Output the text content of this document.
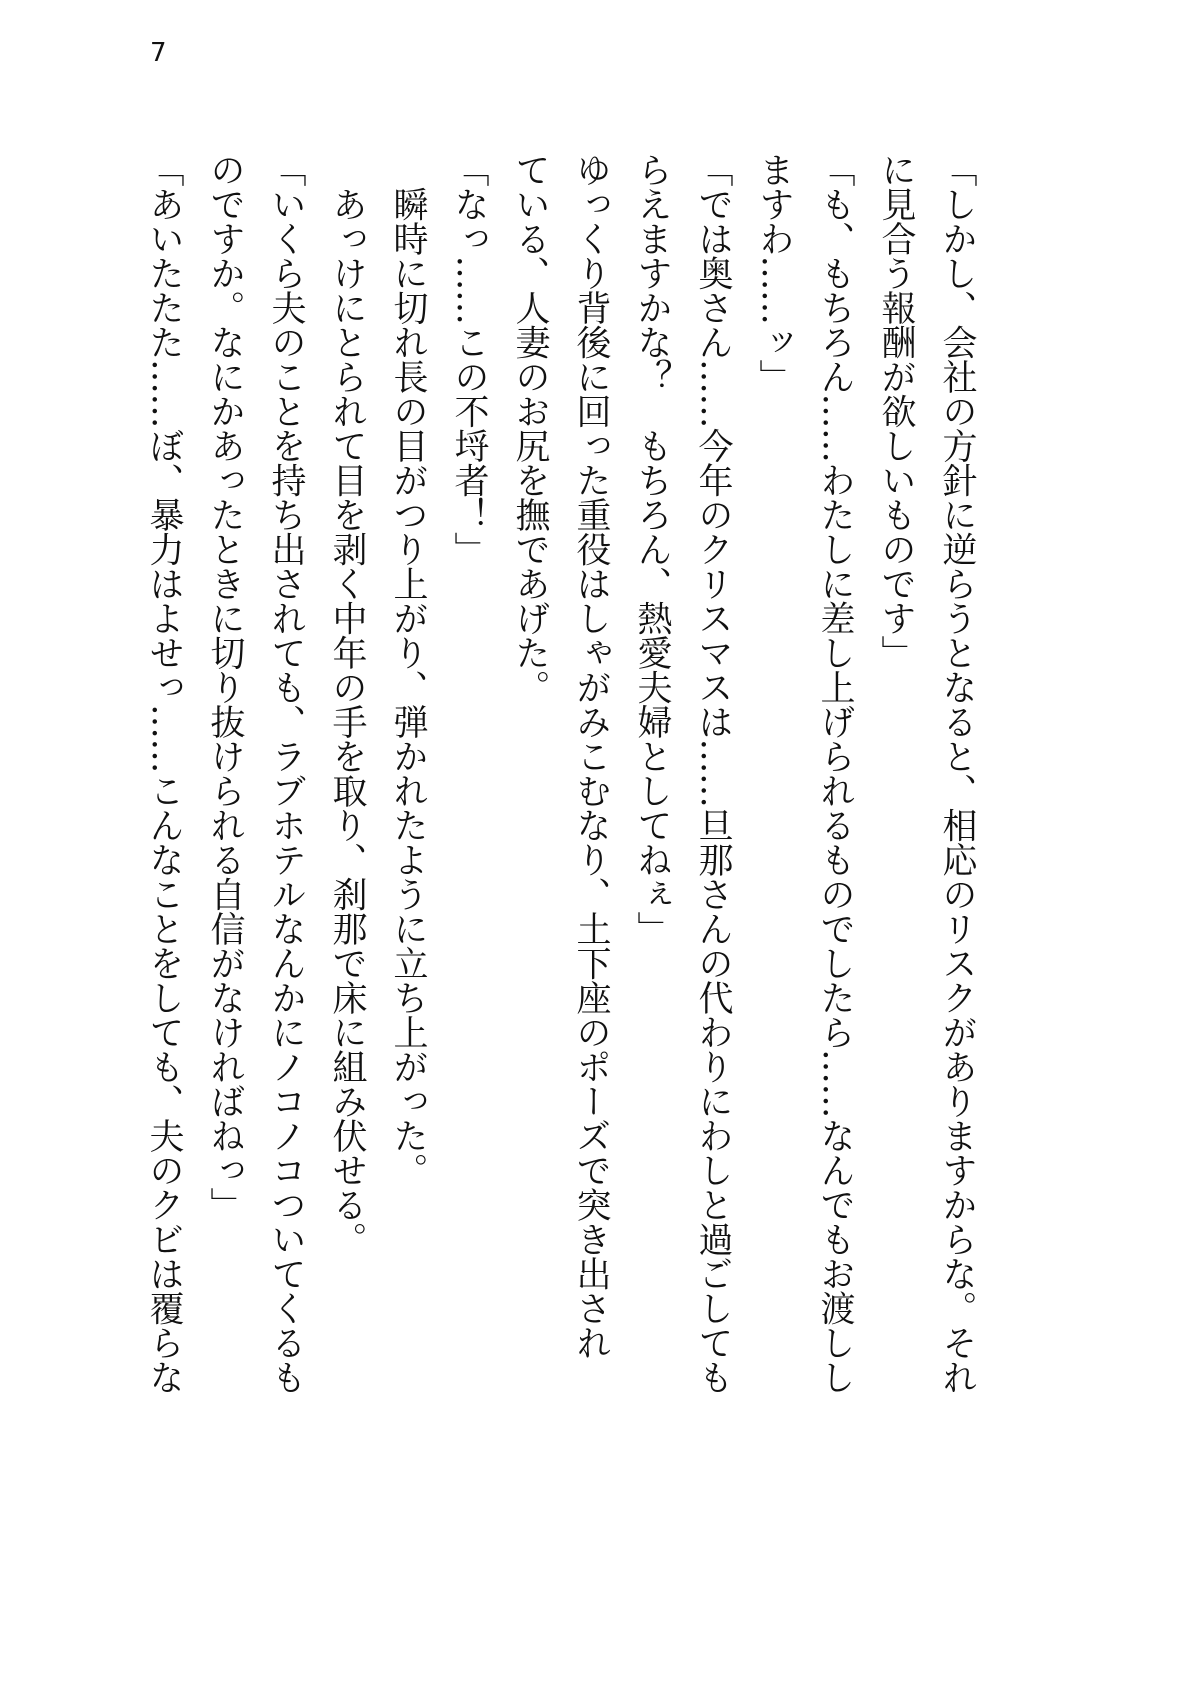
7
「しかし、会社の方針に逆らうとなると、相応のリスクがありますからな。それ
に見合う報酬が欲しいものです」
「も、もちろん……わたしに差し上げられるものでしたら……なんでもお渡しし
ますわ……ッ」
「では奥さん……今年のクリスマスは……旦那さんの代わりにわしと過ごしても
らえますかな？　もちろん、熱愛夫婦としてねぇ」
ゆっくり背後に回った重役はしゃがみこむなり、土下座のポーズで突き出され
ている、人妻のお尻を撫であげた。
「なっ……この不埒者！」
　瞬時に切れ長の目がつり上がり、弾かれたように立ち上がった。
　あっけにとられて目を剥く中年の手を取り、刹那で床に組み伏せる。
「いくら夫のことを持ち出されても、ラブホテルなんかにノコノコついてくるも
のですか。なにかあったときに切り抜けられる自信がなければねっ」
「あいたたた……ぼ、暴力はよせっ……こんなことをしても、夫のクビは覆らな
